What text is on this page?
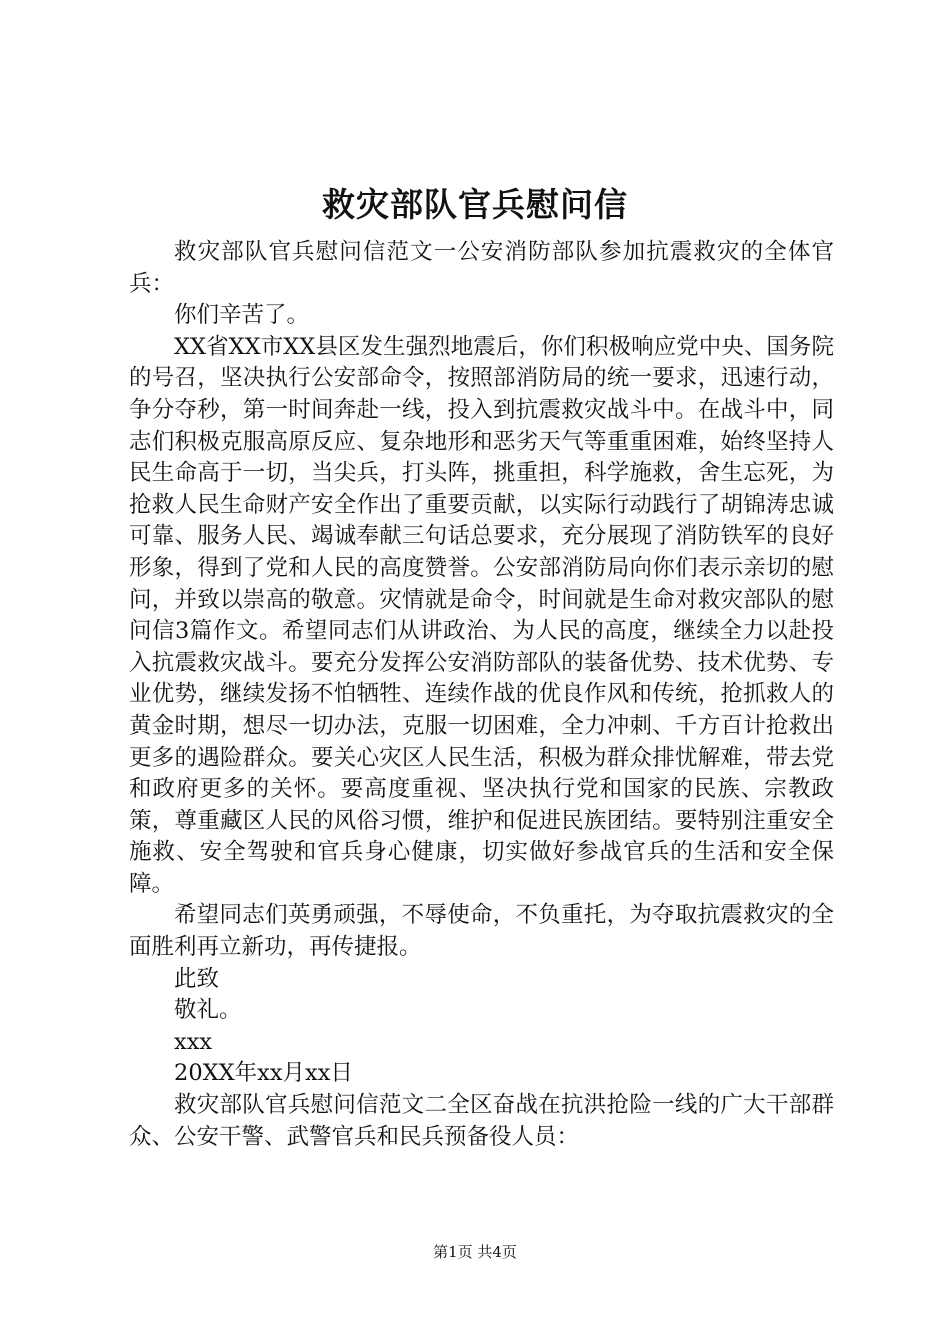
救灾部队官兵慰问信

救灾部队官兵慰问信范文一公安消防部队参加抗震救灾的全体官兵：

你们辛苦了。

XX省XX市XX县区发生强烈地震后，你们积极响应党中央、国务院的号召，坚决执行公安部命令，按照部消防局的统一要求，迅速行动，争分夺秒，第一时间奔赴一线，投入到抗震救灾战斗中。在战斗中，同志们积极克服高原反应、复杂地形和恶劣天气等重重困难，始终坚持人民生命高于一切，当尖兵，打头阵，挑重担，科学施救，舍生忘死，为抢救人民生命财产安全作出了重要贡献，以实际行动践行了胡锦涛忠诚可靠、服务人民、竭诚奉献三句话总要求，充分展现了消防铁军的良好形象，得到了党和人民的高度赞誉。公安部消防局向你们表示亲切的慰问，并致以崇高的敬意。灾情就是命令，时间就是生命对救灾部队的慰问信3篇作文。希望同志们从讲政治、为人民的高度，继续全力以赴投入抗震救灾战斗。要充分发挥公安消防部队的装备优势、技术优势、专业优势，继续发扬不怕牺牲、连续作战的优良作风和传统，抢抓救人的黄金时期，想尽一切办法，克服一切困难，全力冲刺、千方百计抢救出更多的遇险群众。要关心灾区人民生活，积极为群众排忧解难，带去党和政府更多的关怀。要高度重视、坚决执行党和国家的民族、宗教政策，尊重藏区人民的风俗习惯，维护和促进民族团结。要特别注重安全施救、安全驾驶和官兵身心健康，切实做好参战官兵的生活和安全保障。

希望同志们英勇顽强，不辱使命，不负重托，为夺取抗震救灾的全面胜利再立新功，再传捷报。

此致

敬礼。

xxx

20XX年xx月xx日

救灾部队官兵慰问信范文二全区奋战在抗洪抢险一线的广大干部群众、公安干警、武警官兵和民兵预备役人员：

第1页 共4页
